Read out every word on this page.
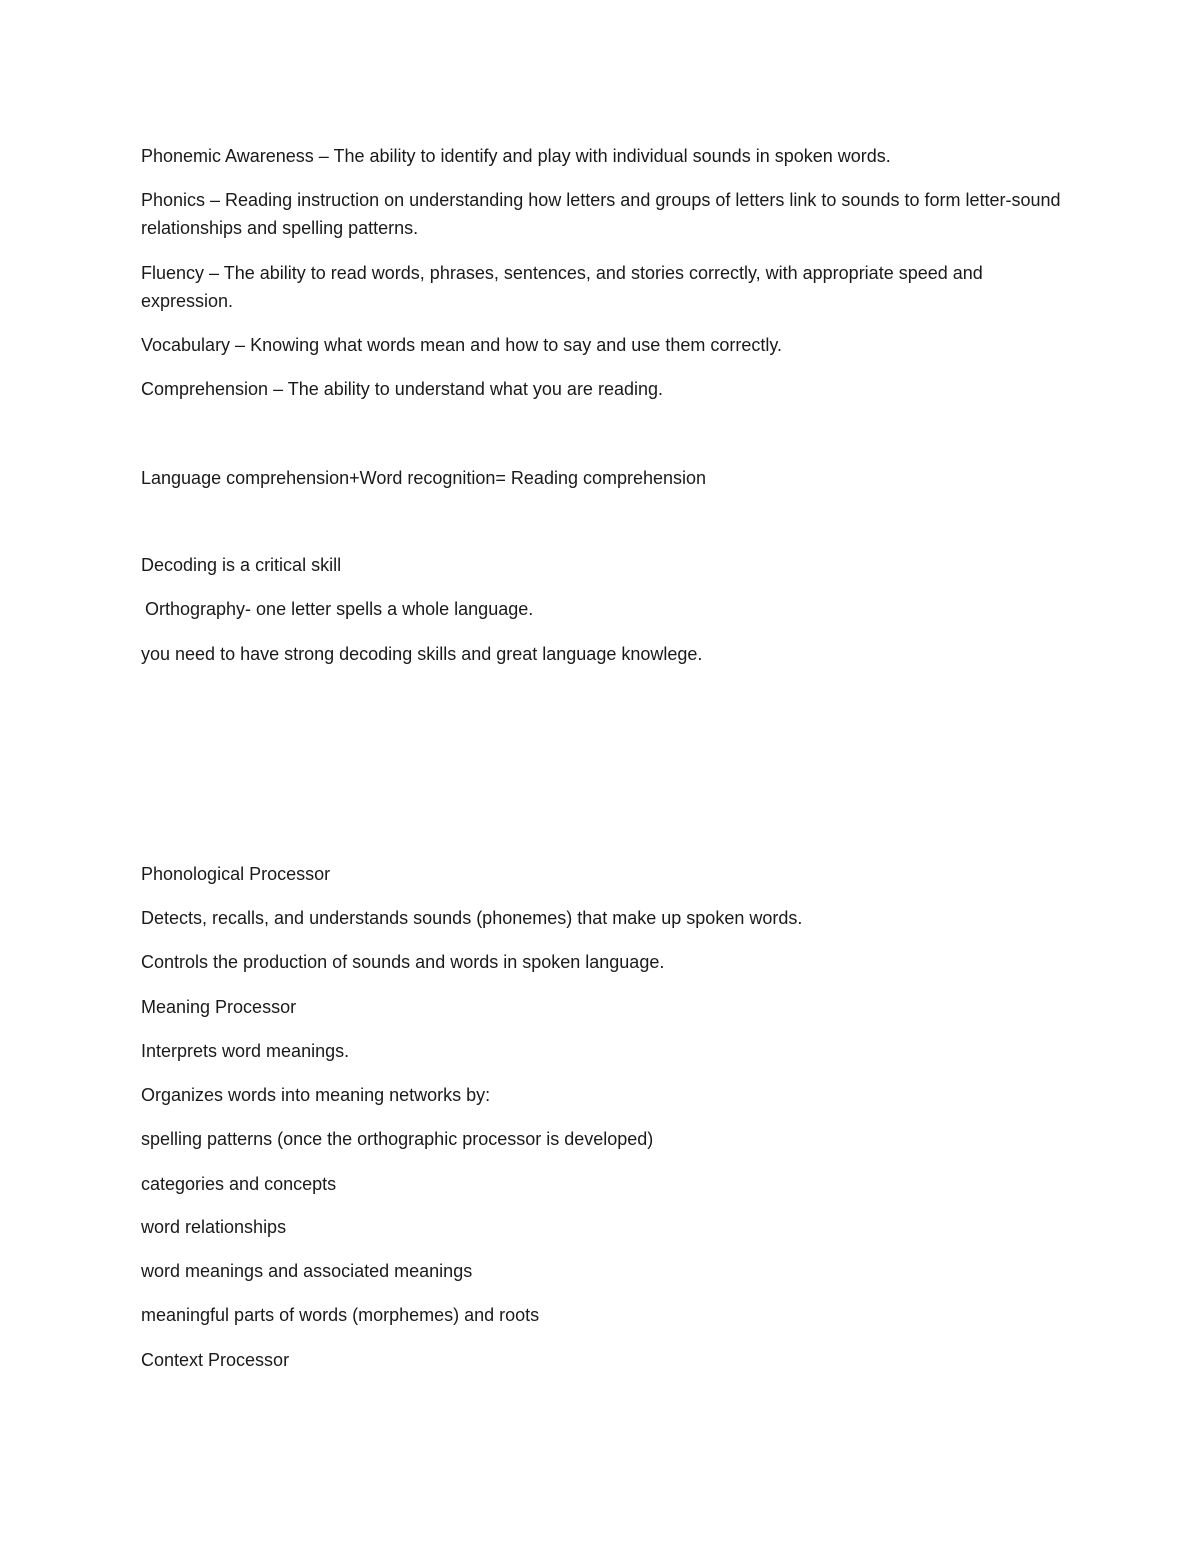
Phonemic Awareness – The ability to identify and play with individual sounds in spoken words.

Phonics – Reading instruction on understanding how letters and groups of letters link to sounds to form letter-sound relationships and spelling patterns.

Fluency – The ability to read words, phrases, sentences, and stories correctly, with appropriate speed and expression.

Vocabulary – Knowing what words mean and how to say and use them correctly.

Comprehension – The ability to understand what you are reading.

Language comprehension+Word recognition= Reading comprehension

Decoding is a critical skill

Orthography- one letter spells a whole language.

you need to have strong decoding skills and great language knowlege.

Phonological Processor

Detects, recalls, and understands sounds (phonemes) that make up spoken words.

Controls the production of sounds and words in spoken language.

Meaning Processor

Interprets word meanings.

Organizes words into meaning networks by:

spelling patterns (once the orthographic processor is developed)

categories and concepts

word relationships

word meanings and associated meanings

meaningful parts of words (morphemes) and roots

Context Processor
